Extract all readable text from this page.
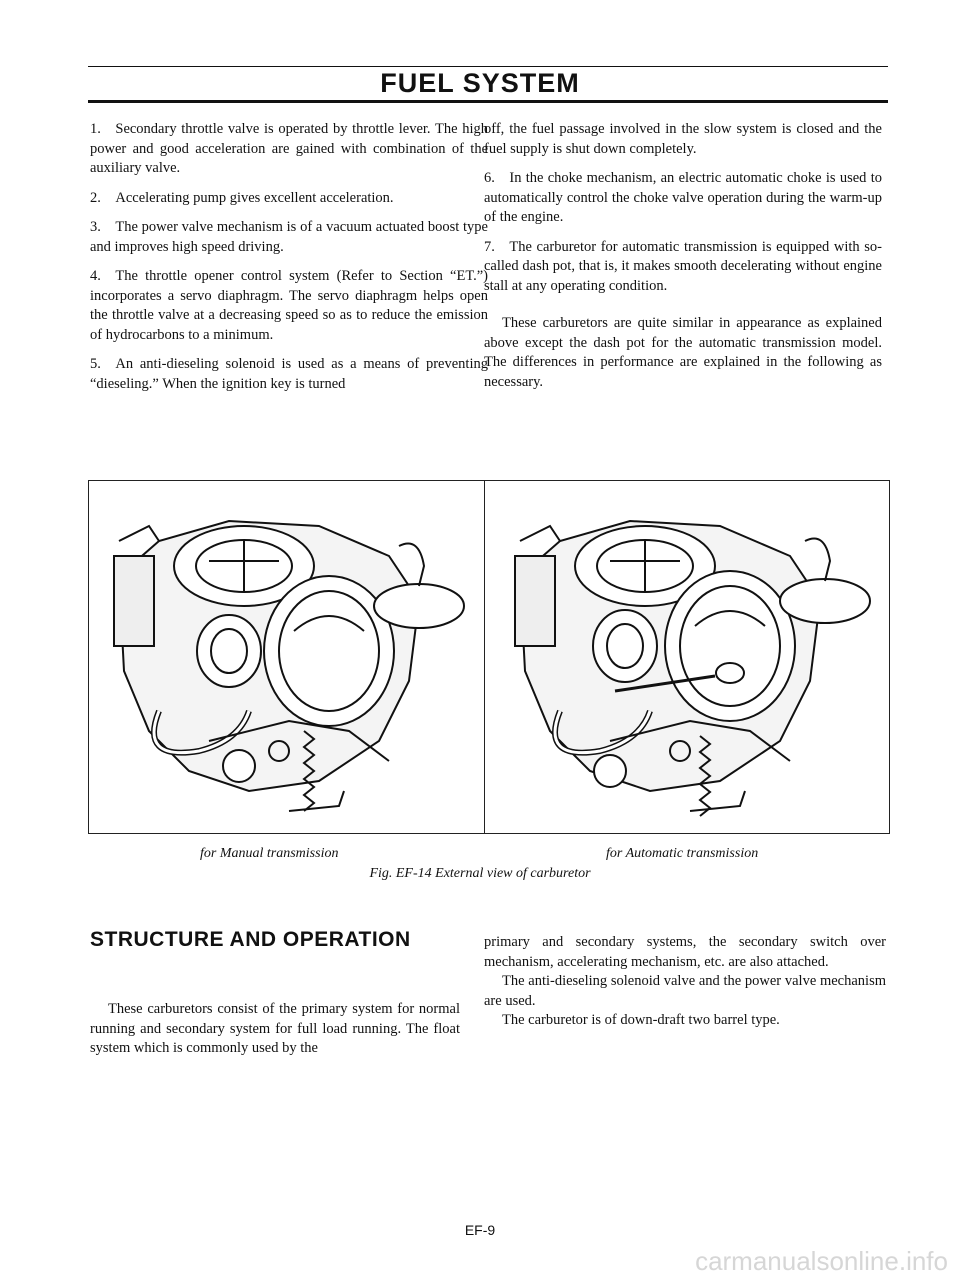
FUEL SYSTEM

1. Secondary throttle valve is operated by throttle lever. The high power and good acceleration are gained with combination of the auxiliary valve.

2. Accelerating pump gives excellent acceleration.

3. The power valve mechanism is of a vacuum actuated boost type and improves high speed driving.

4. The throttle opener control system (Refer to Section “ET.”) incorporates a servo diaphragm. The servo diaphragm helps open the throttle valve at a decreasing speed so as to reduce the emission of hydrocarbons to a minimum.

5. An anti-dieseling solenoid is used as a means of preventing “dieseling.” When the ignition key is turned

off, the fuel passage involved in the slow system is closed and the fuel supply is shut down completely.

6. In the choke mechanism, an electric automatic choke is used to automatically control the choke valve operation during the warm-up of the engine.

7. The carburetor for automatic transmission is equipped with so-called dash pot, that is, it makes smooth decelerating without engine stall at any operating condition.

These carburetors are quite similar in appearance as explained above except the dash pot for the automatic transmission model. The differences in performance are explained in the following as necessary.

for Manual transmission	for Automatic transmission
Fig. EF-14 External view of carburetor
STRUCTURE AND OPERATION

These carburetors consist of the primary system for normal running and secondary system for full load running. The float system which is commonly used by the

primary and secondary systems, the secondary switch over mechanism, accelerating mechanism, etc. are also attached.

The anti-dieseling solenoid valve and the power valve mechanism are used.

The carburetor is of down-draft two barrel type.

EF-9
carmanualsonline.info
